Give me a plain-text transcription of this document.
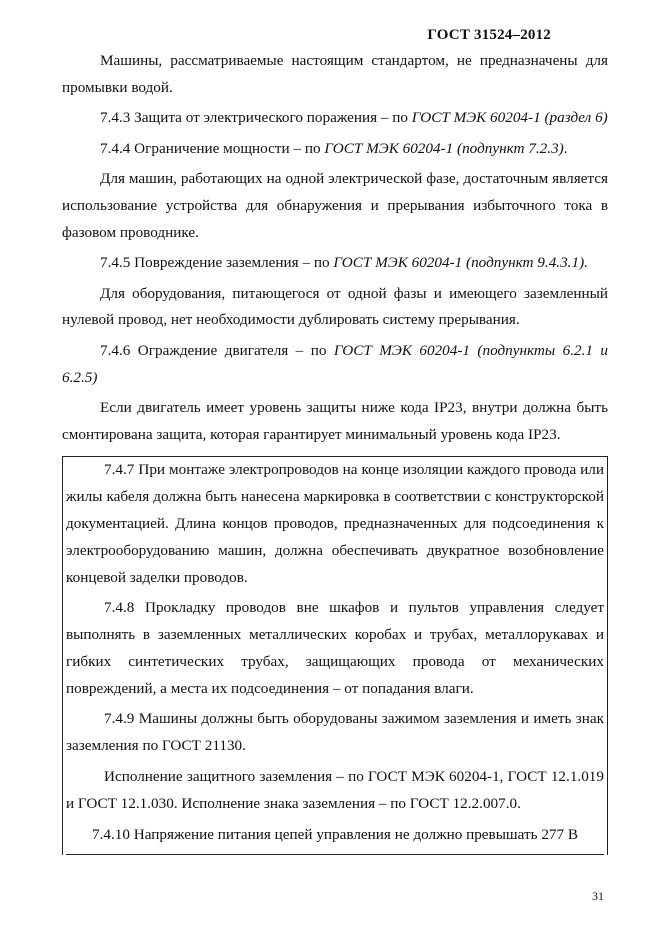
ГОСТ 31524–2012

Машины, рассматриваемые настоящим стандартом, не предназначены для промывки водой.

7.4.3 Защита от электрического поражения – по ГОСТ МЭК 60204-1 (раздел 6)

7.4.4 Ограничение мощности – по ГОСТ МЭК 60204-1 (подпункт 7.2.3).

Для машин, работающих на одной электрической фазе, достаточным является использование устройства для обнаружения и прерывания избыточного тока в фазовом проводнике.

7.4.5 Повреждение заземления – по ГОСТ МЭК 60204-1 (подпункт 9.4.3.1).

Для оборудования, питающегося от одной фазы и имеющего заземленный нулевой провод, нет необходимости дублировать систему прерывания.

7.4.6 Ограждение двигателя – по ГОСТ МЭК 60204-1 (подпункты 6.2.1 и 6.2.5)

Если двигатель имеет уровень защиты ниже кода IP23, внутри должна быть смонтирована защита, которая гарантирует минимальный уровень кода IP23.

7.4.7 При монтаже электропроводов на конце изоляции каждого провода или жилы кабеля должна быть нанесена маркировка в соответствии с конструкторской документацией. Длина концов проводов, предназначенных для подсоединения к электрооборудованию машин, должна обеспечивать двукратное возобновление концевой заделки проводов.

7.4.8 Прокладку проводов вне шкафов и пультов управления следует выполнять в заземленных металлических коробах и трубах, металлорукавах и гибких синтетических трубах, защищающих провода от механических повреждений, а места их подсоединения – от попадания влаги.

7.4.9 Машины должны быть оборудованы зажимом заземления и иметь знак заземления по ГОСТ 21130.

Исполнение защитного заземления – по ГОСТ МЭК 60204-1, ГОСТ 12.1.019 и ГОСТ 12.1.030. Исполнение знака заземления – по ГОСТ 12.2.007.0.

7.4.10 Напряжение питания цепей управления не должно превышать 277 В

31
